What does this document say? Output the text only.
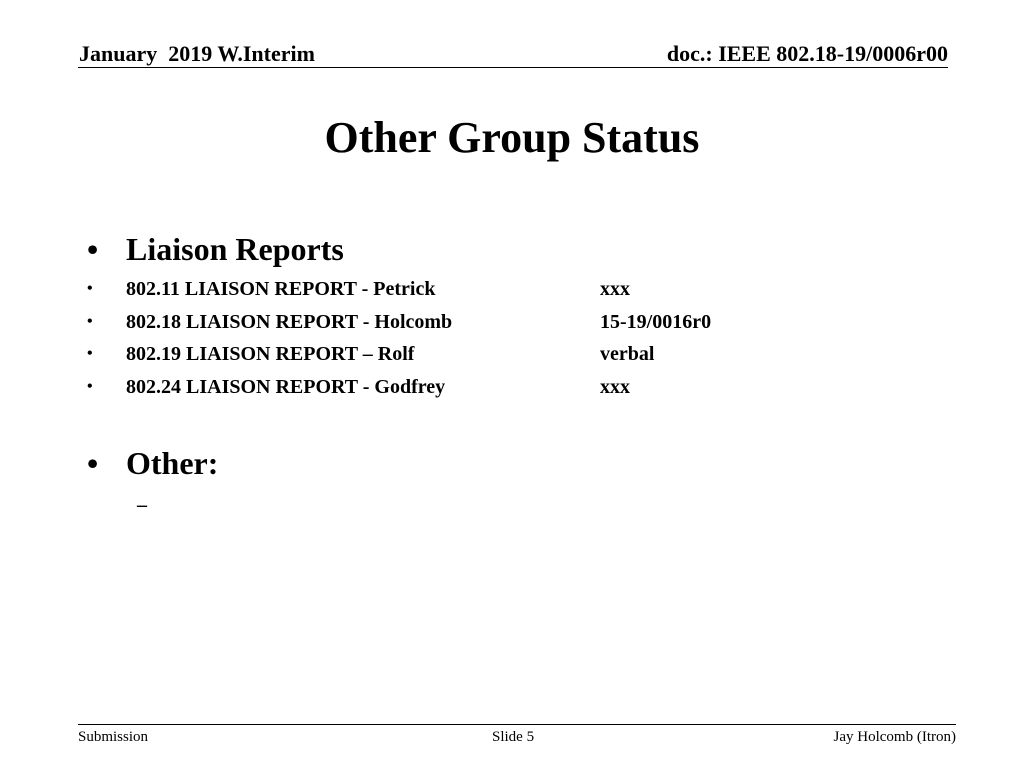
January  2019 W.Interim	doc.: IEEE 802.18-19/0006r00
Other Group Status
• Liaison Reports
• 802.11 LIAISON REPORT - Petrick	xxx
• 802.18 LIAISON REPORT - Holcomb	15-19/0016r0
• 802.19 LIAISON REPORT – Rolf	verbal
• 802.24 LIAISON REPORT - Godfrey	xxx
• Other:
–
Submission	Slide 5	Jay Holcomb (Itron)
